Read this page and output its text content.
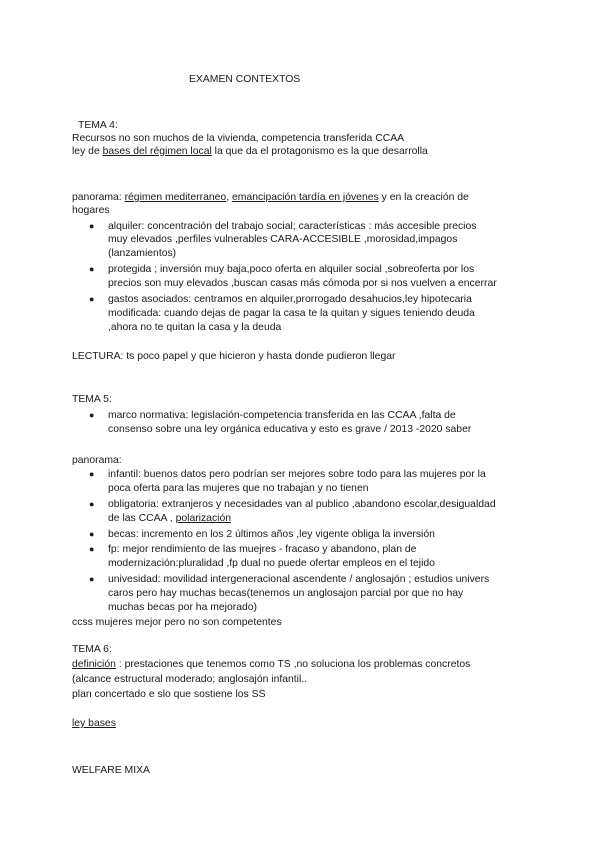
EXAMEN CONTEXTOS
TEMA 4:
Recursos no son muchos de la vivienda, competencia transferida CCAA
ley de bases del régimen local la que da el protagonismo es la que desarrolla
panorama: régimen mediterraneo, emancipación tardía en jóvenes y en la creación de
hogares
● alquiler: concentración del trabajo social; características : más accesible precios
muy elevados ,perfiles vulnerables CARA-ACCESIBLE ,morosidad,impagos
(lanzamientos)
● protegida ; inversión muy baja,poco oferta en alquiler social ,sobreoferta por los
precios son muy elevados ,buscan casas más cómoda por si nos vuelven a encerrar
● gastos asociados: centramos en alquiler,prorrogado desahucios,ley hipotecaria
modificada: cuando dejas de pagar la casa te la quitan y sigues teniendo deuda
,ahora no te quitan la casa y la deuda
LECTURA: ts poco papel y que hicieron y hasta donde pudieron llegar
TEMA 5:
● marco normativa: legislación-competencia transferida en las CCAA ,falta de
consenso sobre una ley orgánica educativa y esto es grave / 2013 -2020 saber
panorama:
● infantil: buenos datos pero podrían ser mejores sobre todo para las mujeres por la
poca oferta para las mujeres que no trabajan y no tienen
● obligatoria: extranjeros y necesidades van al publico ,abandono escolar,desigualdad
de las CCAA , polarización
● becas: incremento en los 2 últimos años ,ley vigente obliga la inversión
● fp: mejor rendimiento de las muejres - fracaso y abandono, plan de
modernización:pluralidad ,fp dual no puede ofertar empleos en el tejido
● univesidad: movilidad intergeneracional ascendente / anglosajón ; estudios univers
caros pero hay muchas becas(tenemos un anglosajon parcial por que no hay
muchas becas por ha mejorado)
ccss mujeres mejor pero no son competentes
TEMA 6:
definición : prestaciones que tenemos como TS ,no soluciona los problemas concretos
(alcance estructural moderado; anglosajón infantil..
plan concertado e slo que sostiene los SS
ley bases
WELFARE MIXA
